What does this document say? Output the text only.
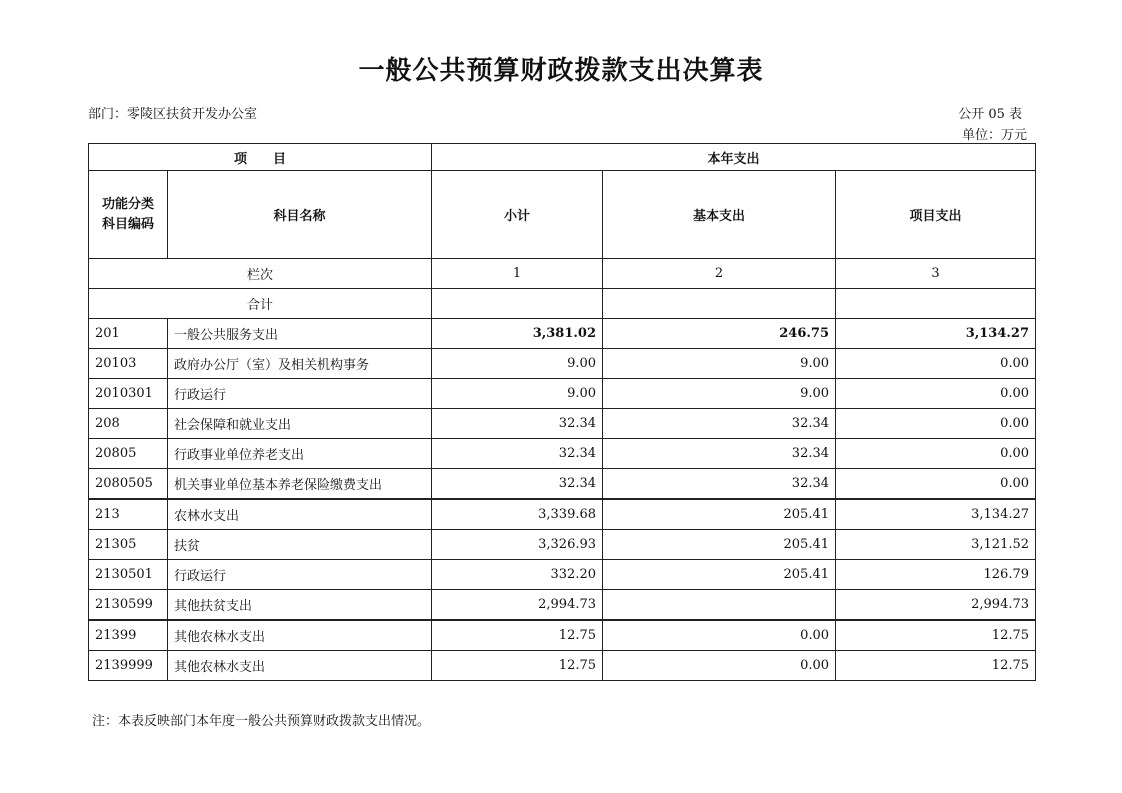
一般公共预算财政拨款支出决算表
部门：零陵区扶贫开发办公室	公开 05 表
单位：万元
项　　目		本年支出		
功能分类
科目编码	科目名称	小计	基本支出	项目支出
栏次		1	2	3
合计				
201	一般公共服务支出	3,381.02	246.75	3,134.27
20103	政府办公厅（室）及相关机构事务	9.00	9.00	0.00
2010301	行政运行	9.00	9.00	0.00
208	社会保障和就业支出	32.34	32.34	0.00
20805	行政事业单位养老支出	32.34	32.34	0.00
2080505	机关事业单位基本养老保险缴费支出	32.34	32.34	0.00
213	农林水支出	3,339.68	205.41	3,134.27
21305	扶贫	3,326.93	205.41	3,121.52
2130501	行政运行	332.20	205.41	126.79
2130599	其他扶贫支出	2,994.73		2,994.73
21399	其他农林水支出	12.75	0.00	12.75
2139999	其他农林水支出	12.75	0.00	12.75
注：本表反映部门本年度一般公共预算财政拨款支出情况。
